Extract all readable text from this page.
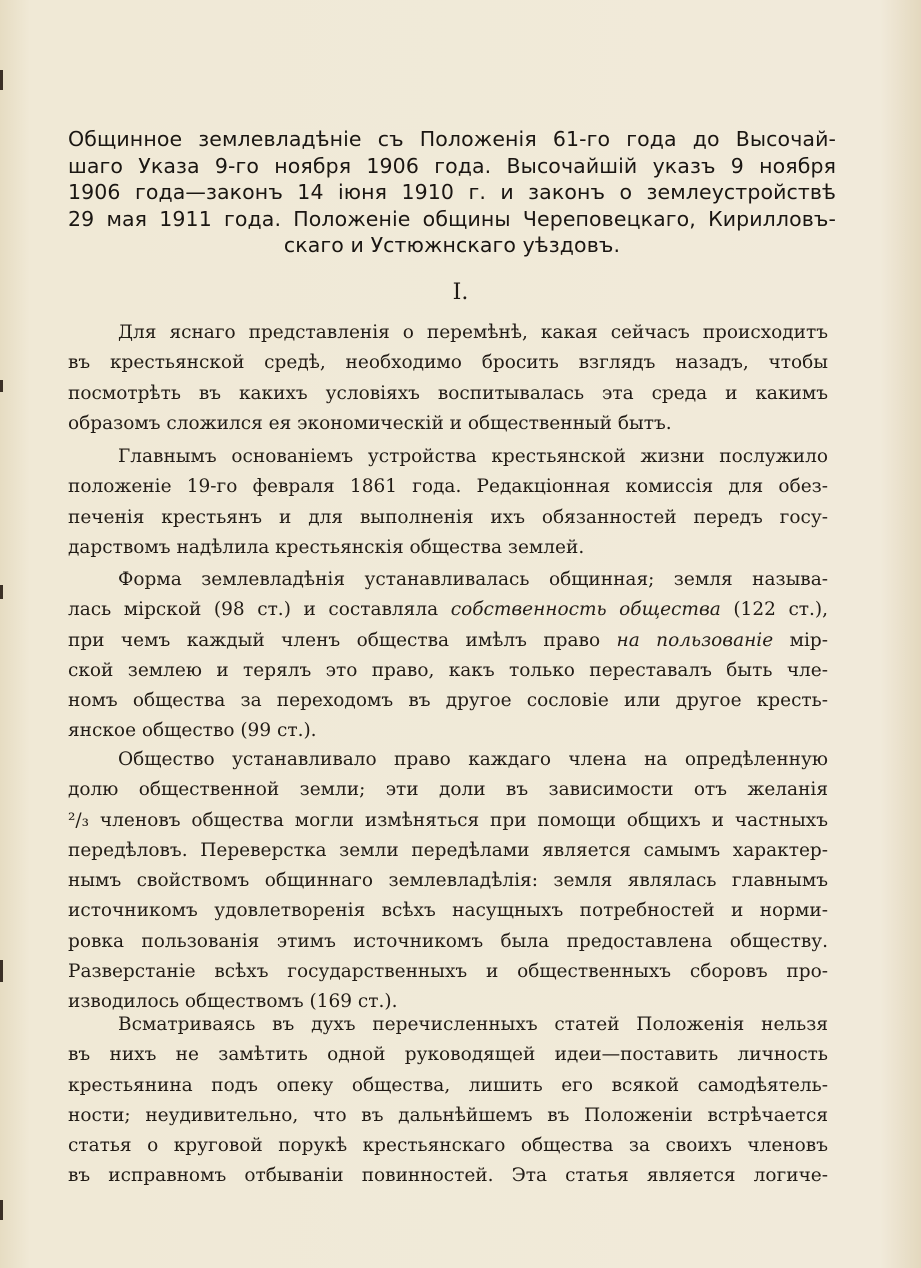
Общинное землевладѣніе съ Положенія 61-го года до Высочай-
шаго Указа 9-го ноября 1906 года. Высочайшій указъ 9 ноября
1906 года—законъ 14 іюня 1910 г. и законъ о землеустройствѣ
29 мая 1911 года. Положеніе общины Череповецкаго, Кирилловъ-
скаго и Устюжнскаго уѣздовъ.
I.
Для яснаго представленія о перемѣнѣ, какая сейчасъ происходитъ
въ крестьянской средѣ, необходимо бросить взглядъ назадъ, чтобы
посмотрѣть въ какихъ условіяхъ воспитывалась эта среда и какимъ
образомъ сложился ея экономическій и общественный бытъ.
Главнымъ основаніемъ устройства крестьянской жизни послужило
положеніе 19-го февраля 1861 года. Редакціонная комиссія для обез-
печенія крестьянъ и для выполненія ихъ обязанностей передъ госу-
дарствомъ надѣлила крестьянскія общества землей.
Форма землевладѣнія устанавливалась общинная; земля называ-
лась мірской (98 ст.) и составляла собственность общества (122 ст.),
при чемъ каждый членъ общества имѣлъ право на пользованіе мір-
ской землею и терялъ это право, какъ только переставалъ быть чле-
номъ общества за переходомъ въ другое сословіе или другое кресть-
янское общество (99 ст.).
Общество устанавливало право каждаго члена на опредѣленную
долю общественной земли; эти доли въ зависимости отъ желанія
²/₃ членовъ общества могли измѣняться при помощи общихъ и частныхъ
передѣловъ. Переверстка земли передѣлами является самымъ характер-
нымъ свойствомъ общиннаго землевладѣлія: земля являлась главнымъ
источникомъ удовлетворенія всѣхъ насущныхъ потребностей и норми-
ровка пользованія этимъ источникомъ была предоставлена обществу.
Разверстаніе всѣхъ государственныхъ и общественныхъ сборовъ про-
изводилось обществомъ (169 ст.).
Всматриваясь въ духъ перечисленныхъ статей Положенія нельзя
въ нихъ не замѣтить одной руководящей идеи—поставить личность
крестьянина подъ опеку общества, лишить его всякой самодѣятель-
ности; неудивительно, что въ дальнѣйшемъ въ Положеніи встрѣчается
статья о круговой порукѣ крестьянскаго общества за своихъ членовъ
въ исправномъ отбываніи повинностей. Эта статья является логиче-
